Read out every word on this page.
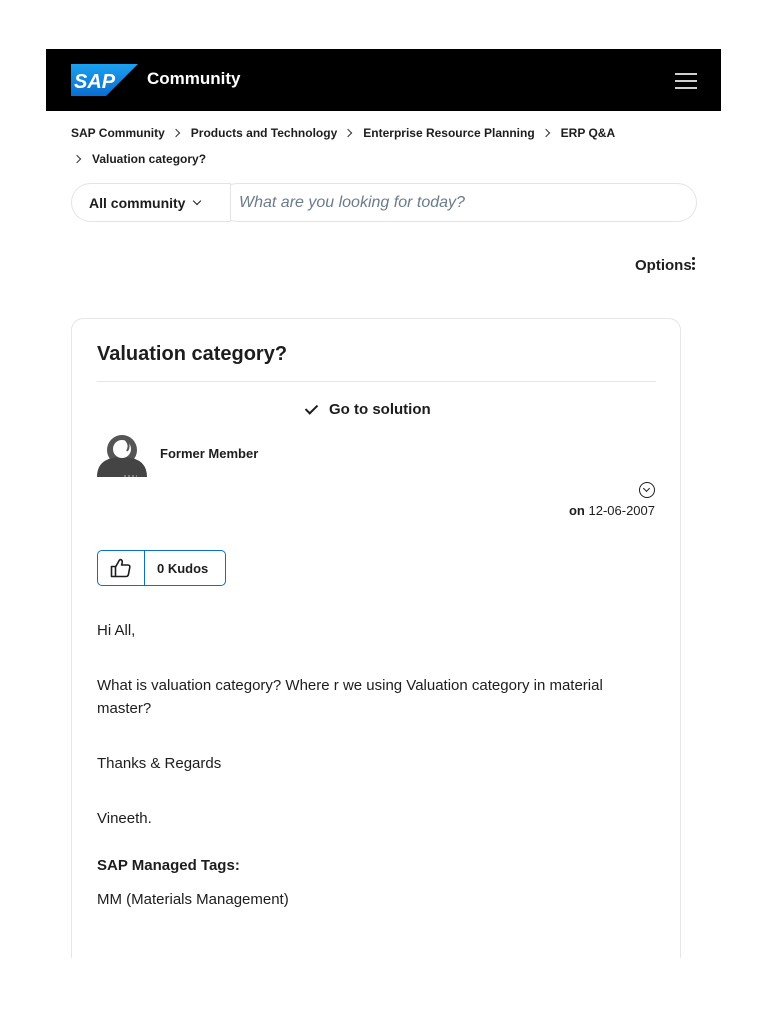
SAP Community
SAP Community Products and Technology Enterprise Resource Planning ERP Q&A
Valuation category?
What are you looking for today?
All community
Options
Valuation category?
Go to solution
Former Member
on 12-06-2007
0 Kudos

Hi All,

What is valuation category? Where r we using Valuation category in material master?

Thanks & Regards

Vineeth.

SAP Managed Tags:
MM (Materials Management)
